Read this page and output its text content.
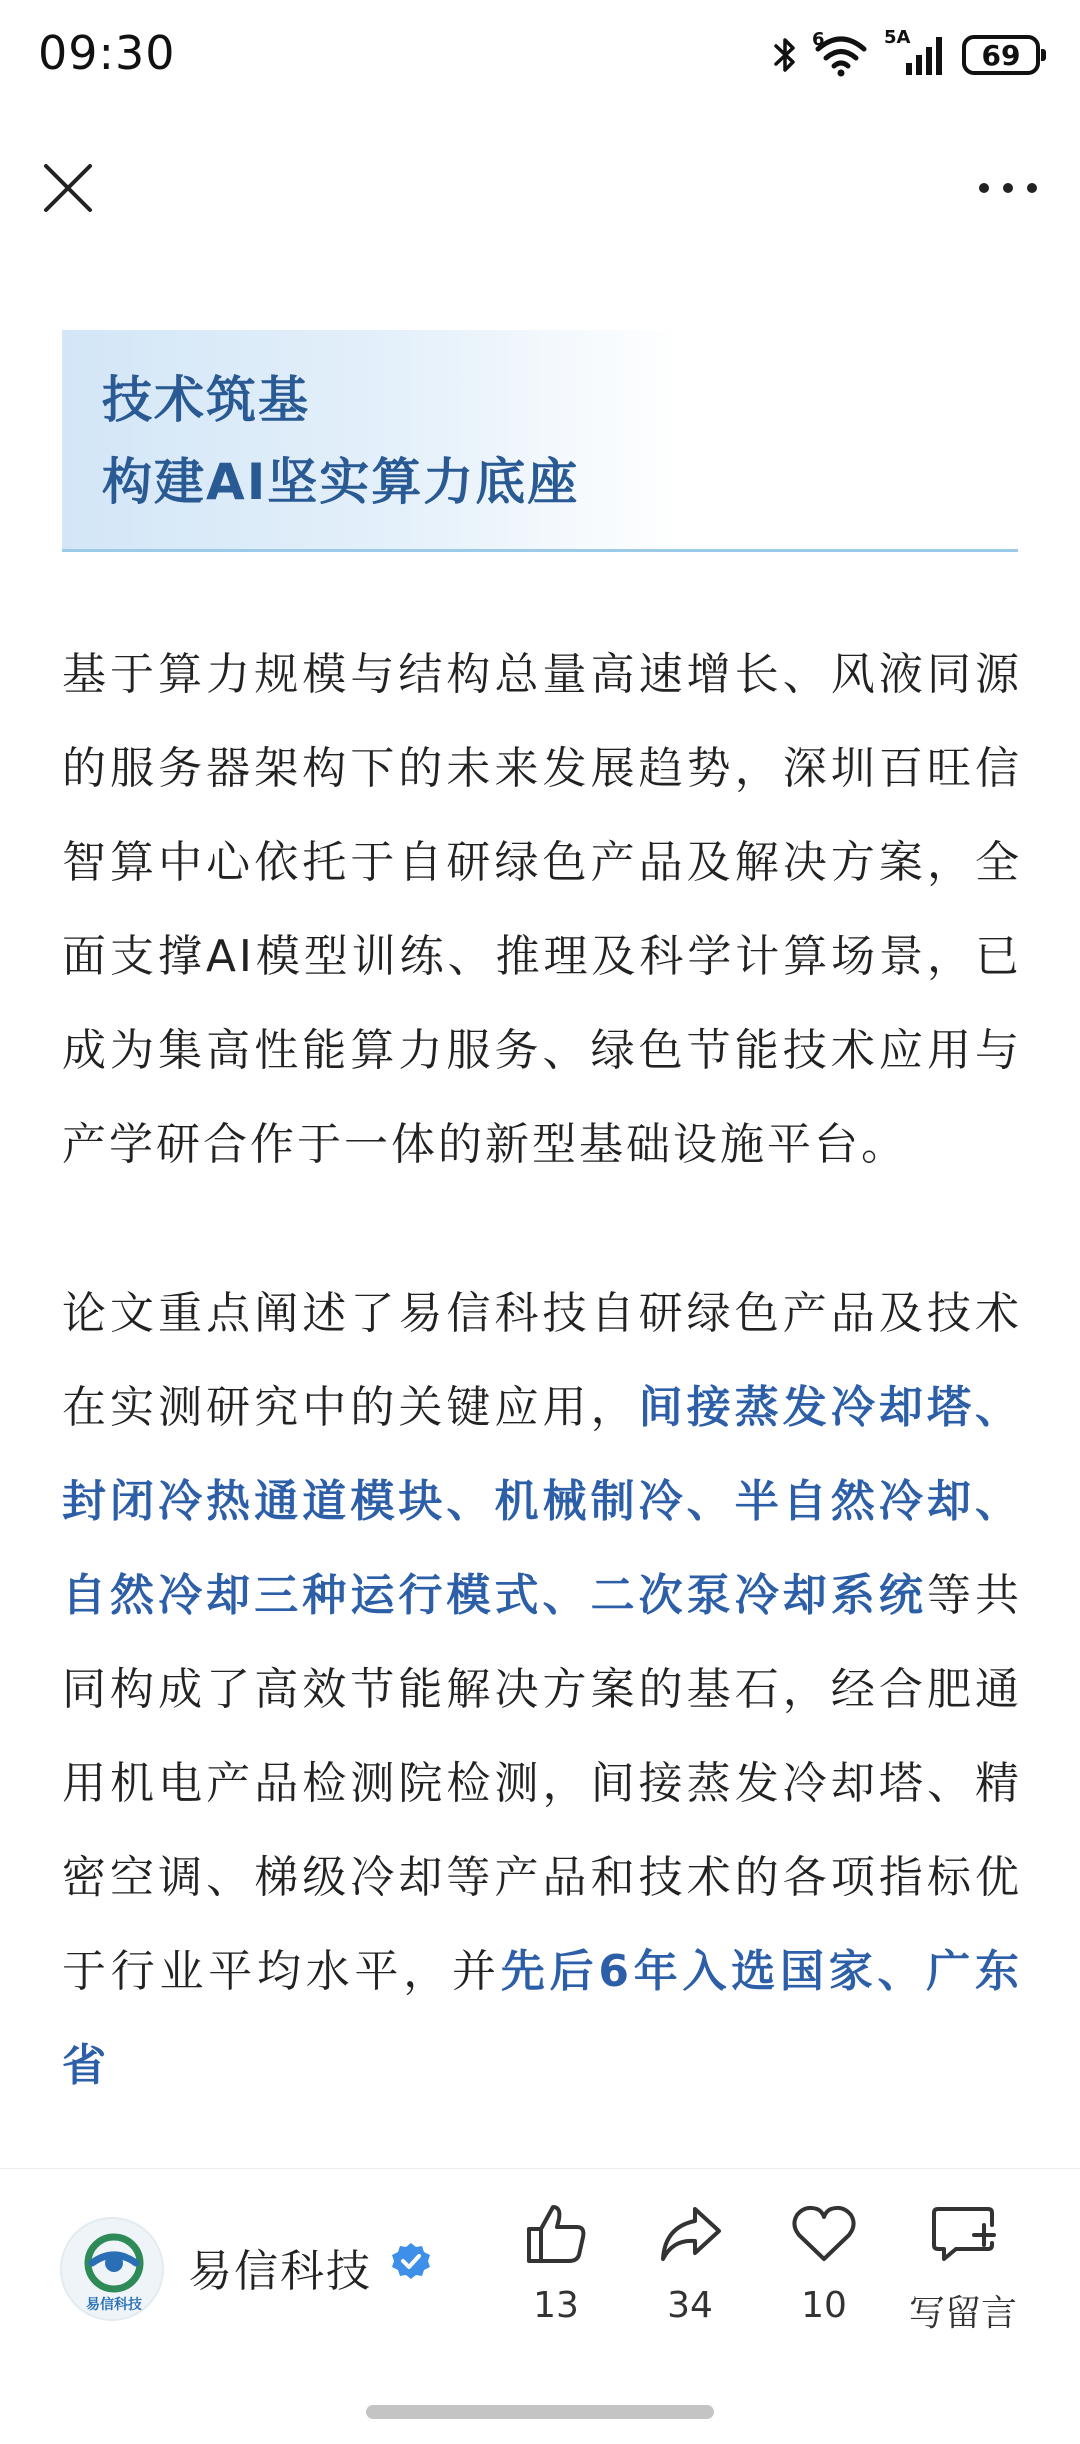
09:30	6	5A
69
技术筑基
构建AI坚实算力底座

基于算力规模与结构总量高速增长、风液同源的服务器架构下的未来发展趋势，深圳百旺信智算中心依托于自研绿色产品及解决方案，全面支撑AI模型训练、推理及科学计算场景，已成为集高性能算力服务、绿色节能技术应用与产学研合作于一体的新型基础设施平台。

论文重点阐述了易信科技自研绿色产品及技术在实测研究中的关键应用，间接蒸发冷却塔、封闭冷热通道模块、机械制冷、半自然冷却、自然冷却三种运行模式、二次泵冷却系统等共同构成了高效节能解决方案的基石，经合肥通用机电产品检测院检测，间接蒸发冷却塔、精密空调、梯级冷却等产品和技术的各项指标优于行业平均水平，并先后6年入选国家、广东省

易信科技
易信科技
13	34	10	写留言
